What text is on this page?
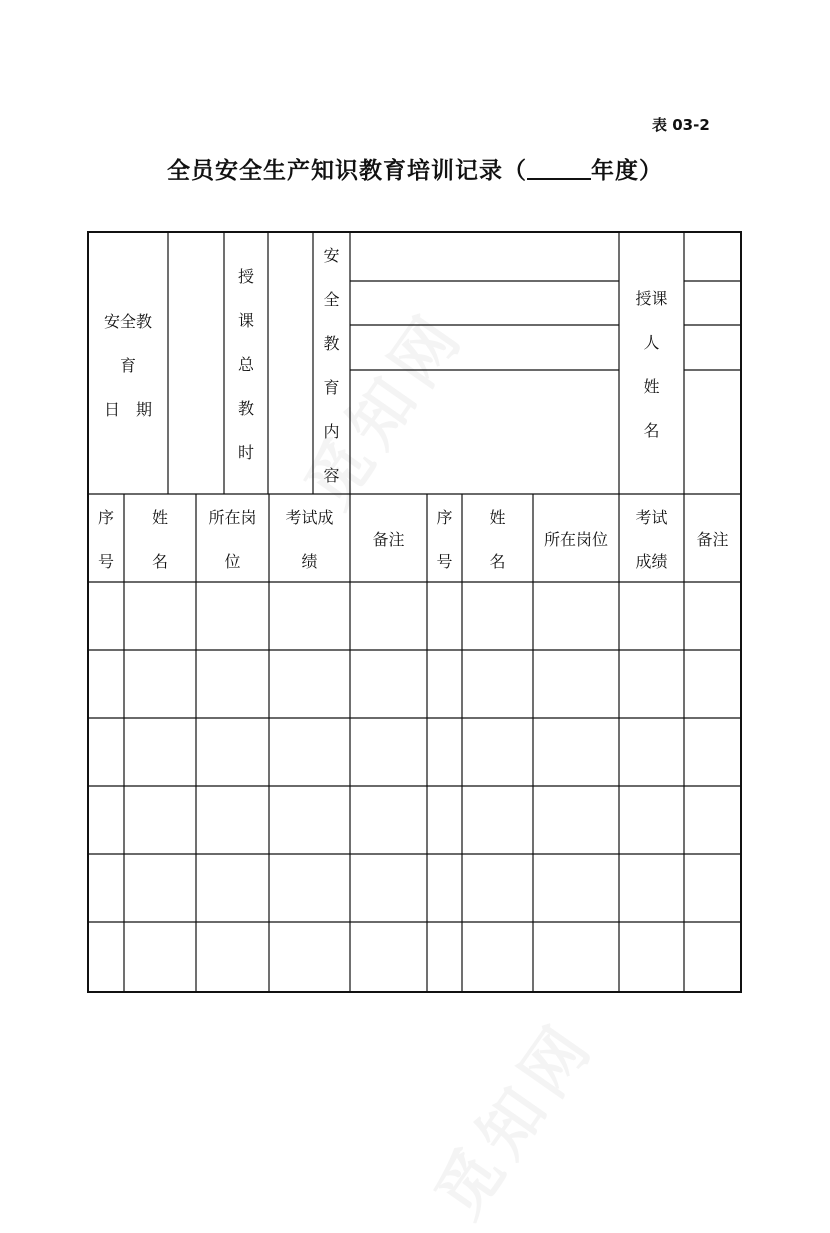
表 03-2
全员安全生产知识教育培训记录（	年度）
安全教
育
日　期
授
课
总
教
时
安
全
教
育
内
容
授课
人
姓
名
序
号
姓
名
所在岗
位
考试成
绩
备注
序
号
姓
名
所在岗位
考试
成绩
备注
